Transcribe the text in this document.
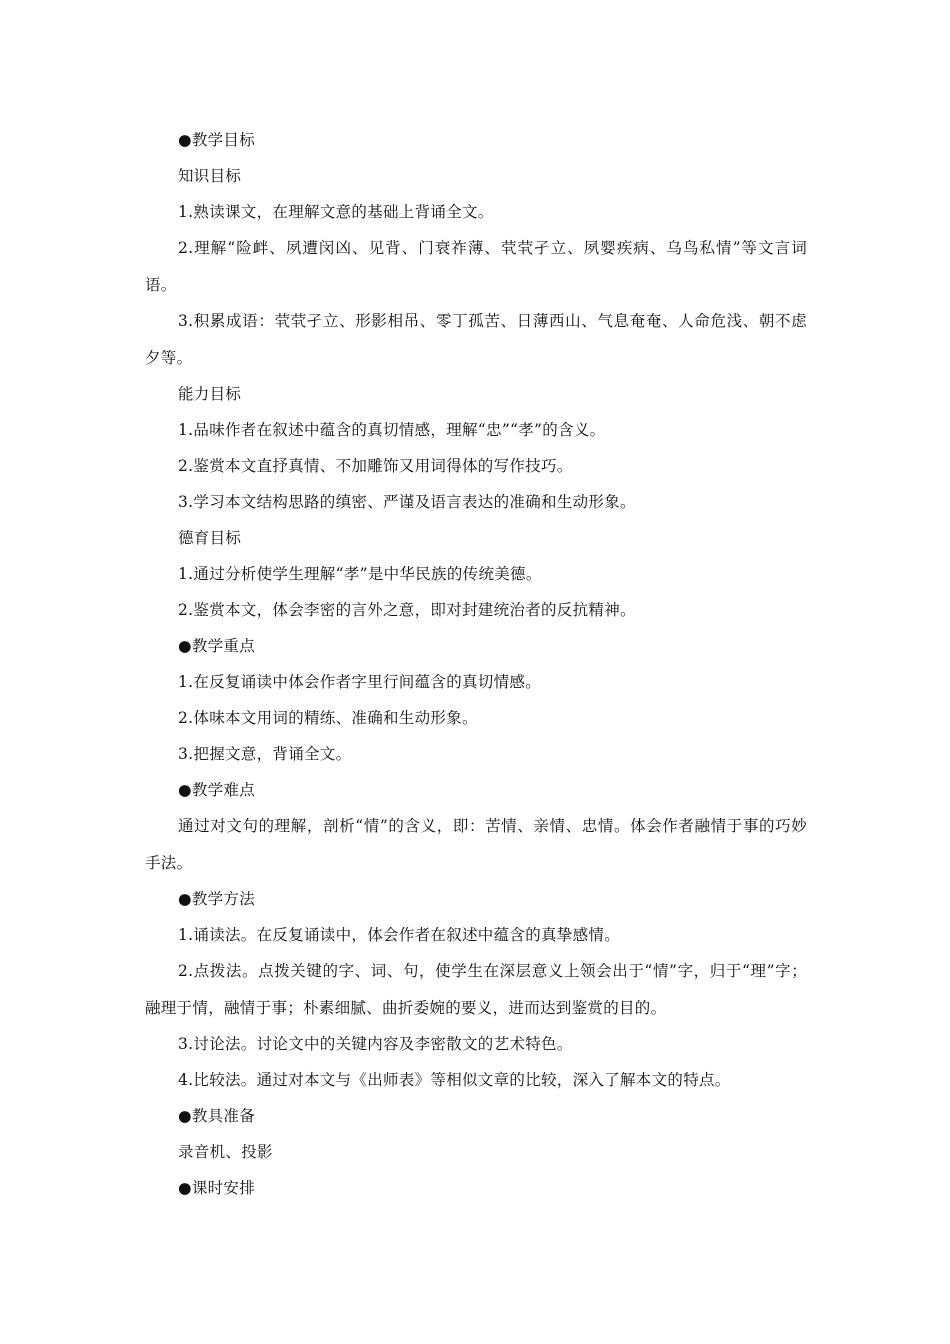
●教学目标
知识目标
1.熟读课文，在理解文意的基础上背诵全文。
2.理解“险衅、夙遭闵凶、见背、门衰祚薄、茕茕孑立、夙婴疾病、乌鸟私情”等文言词语。
3.积累成语：茕茕孑立、形影相吊、零丁孤苦、日薄西山、气息奄奄、人命危浅、朝不虑夕等。
能力目标
1.品味作者在叙述中蕴含的真切情感，理解“忠”“孝”的含义。
2.鉴赏本文直抒真情、不加雕饰又用词得体的写作技巧。
3.学习本文结构思路的缜密、严谨及语言表达的准确和生动形象。
德育目标
1.通过分析使学生理解“孝”是中华民族的传统美德。
2.鉴赏本文，体会李密的言外之意，即对封建统治者的反抗精神。
●教学重点
1.在反复诵读中体会作者字里行间蕴含的真切情感。
2.体味本文用词的精练、准确和生动形象。
3.把握文意，背诵全文。
●教学难点
通过对文句的理解，剖析“情”的含义，即：苦情、亲情、忠情。体会作者融情于事的巧妙手法。
●教学方法
1.诵读法。在反复诵读中，体会作者在叙述中蕴含的真挚感情。
2.点拨法。点拨关键的字、词、句，使学生在深层意义上领会出于“情”字，归于“理”字；融理于情，融情于事；朴素细腻、曲折委婉的要义，进而达到鉴赏的目的。
3.讨论法。讨论文中的关键内容及李密散文的艺术特色。
4.比较法。通过对本文与《出师表》等相似文章的比较，深入了解本文的特点。
●教具准备
录音机、投影
●课时安排
